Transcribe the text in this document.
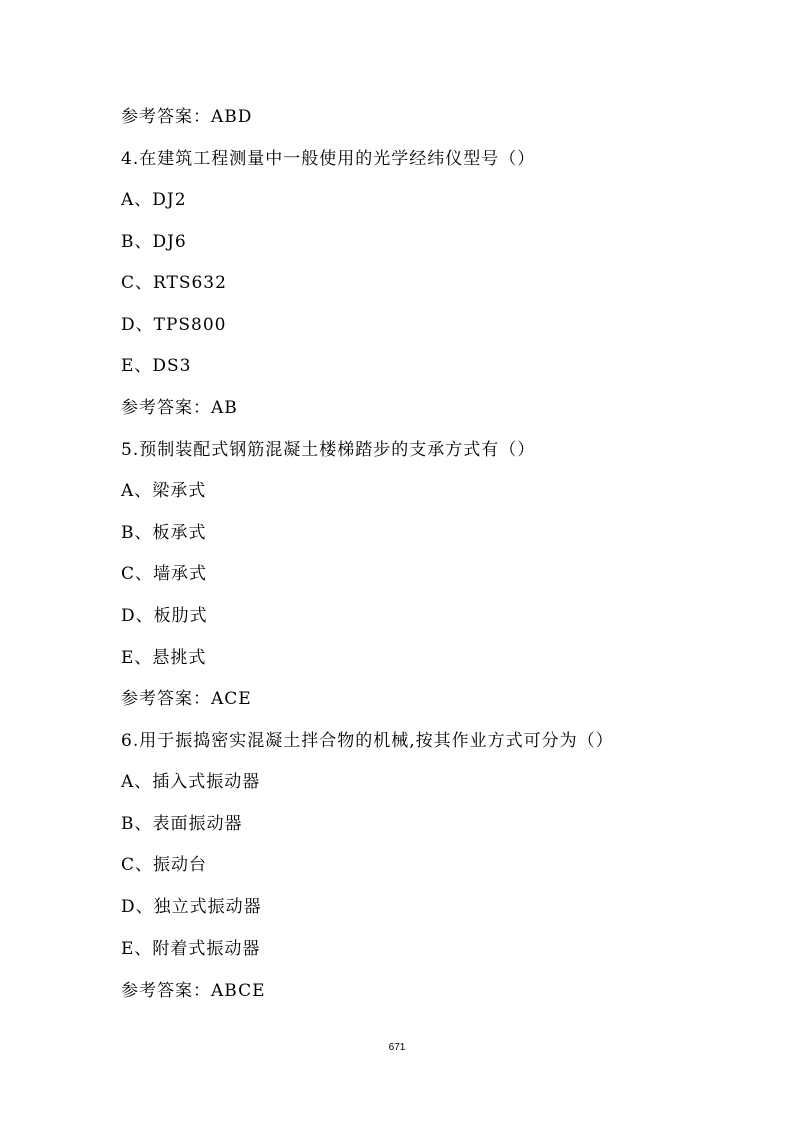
参考答案：ABD
4.在建筑工程测量中一般使用的光学经纬仪型号（）
A、DJ2
B、DJ6
C、RTS632
D、TPS800
E、DS3
参考答案：AB
5.预制装配式钢筋混凝土楼梯踏步的支承方式有（）
A、梁承式
B、板承式
C、墙承式
D、板肋式
E、悬挑式
参考答案：ACE
6.用于振捣密实混凝土拌合物的机械,按其作业方式可分为（）
A、插入式振动器
B、表面振动器
C、振动台
D、独立式振动器
E、附着式振动器
参考答案：ABCE
671
